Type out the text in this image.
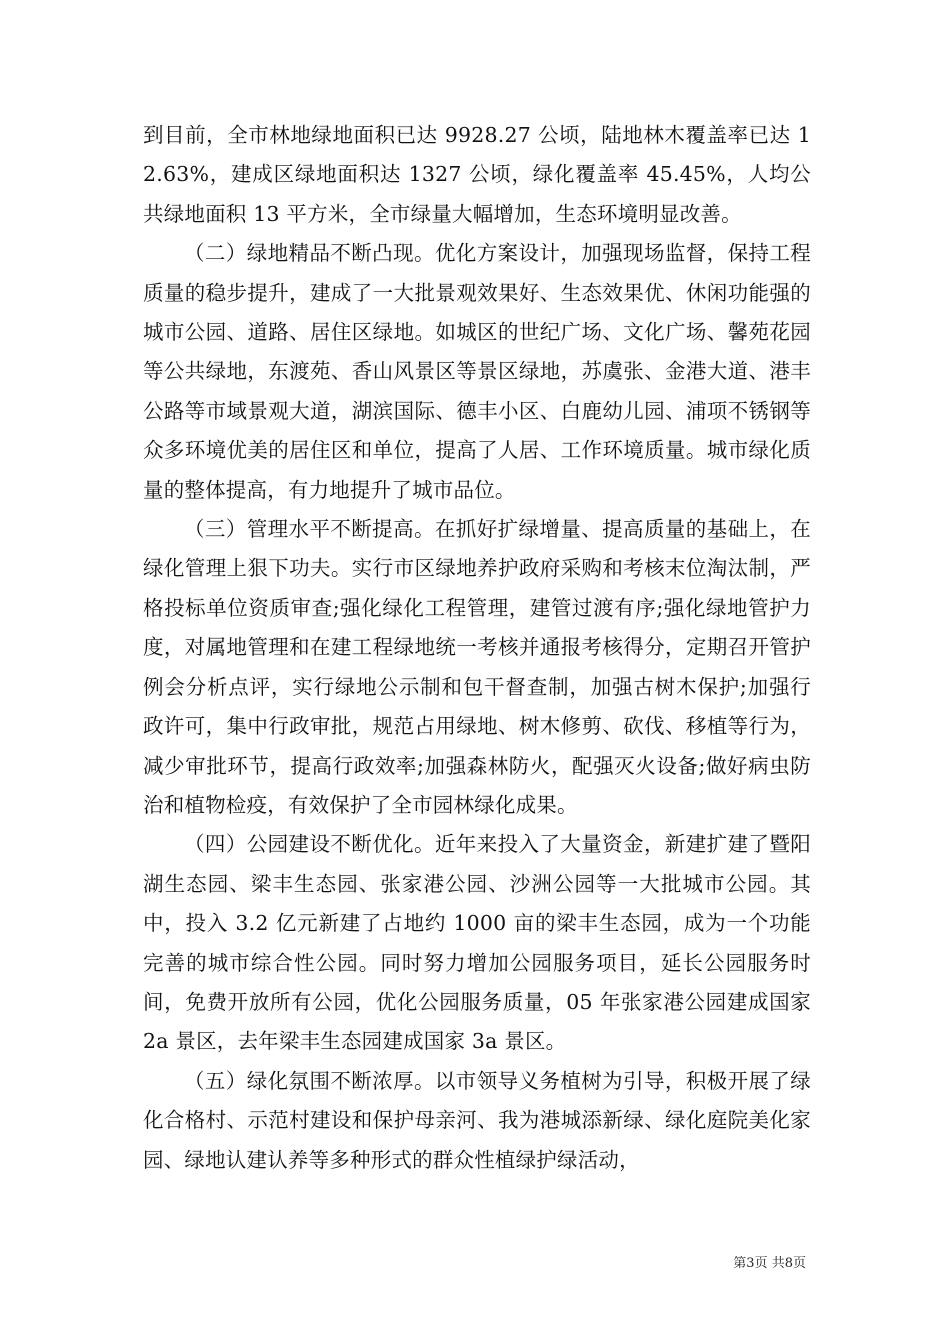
到目前，全市林地绿地面积已达 9928.27 公顷，陆地林木覆盖率已达 12.63%，建成区绿地面积达 1327 公顷，绿化覆盖率 45.45%，人均公共绿地面积 13 平方米，全市绿量大幅增加，生态环境明显改善。

（二）绿地精品不断凸现。优化方案设计，加强现场监督，保持工程质量的稳步提升，建成了一大批景观效果好、生态效果优、休闲功能强的城市公园、道路、居住区绿地。如城区的世纪广场、文化广场、馨苑花园等公共绿地，东渡苑、香山风景区等景区绿地，苏虞张、金港大道、港丰公路等市域景观大道，湖滨国际、德丰小区、白鹿幼儿园、浦项不锈钢等众多环境优美的居住区和单位，提高了人居、工作环境质量。城市绿化质量的整体提高，有力地提升了城市品位。

（三）管理水平不断提高。在抓好扩绿增量、提高质量的基础上，在绿化管理上狠下功夫。实行市区绿地养护政府采购和考核末位淘汰制，严格投标单位资质审查;强化绿化工程管理，建管过渡有序;强化绿地管护力度，对属地管理和在建工程绿地统一考核并通报考核得分，定期召开管护例会分析点评，实行绿地公示制和包干督查制，加强古树木保护;加强行政许可，集中行政审批，规范占用绿地、树木修剪、砍伐、移植等行为，减少审批环节，提高行政效率;加强森林防火，配强灭火设备;做好病虫防治和植物检疫，有效保护了全市园林绿化成果。

（四）公园建设不断优化。近年来投入了大量资金，新建扩建了暨阳湖生态园、梁丰生态园、张家港公园、沙洲公园等一大批城市公园。其中，投入 3.2 亿元新建了占地约 1000 亩的梁丰生态园，成为一个功能完善的城市综合性公园。同时努力增加公园服务项目，延长公园服务时间，免费开放所有公园，优化公园服务质量，05 年张家港公园建成国家 2a 景区，去年梁丰生态园建成国家 3a 景区。

（五）绿化氛围不断浓厚。以市领导义务植树为引导，积极开展了绿化合格村、示范村建设和保护母亲河、我为港城添新绿、绿化庭院美化家园、绿地认建认养等多种形式的群众性植绿护绿活动，

第3页 共8页
